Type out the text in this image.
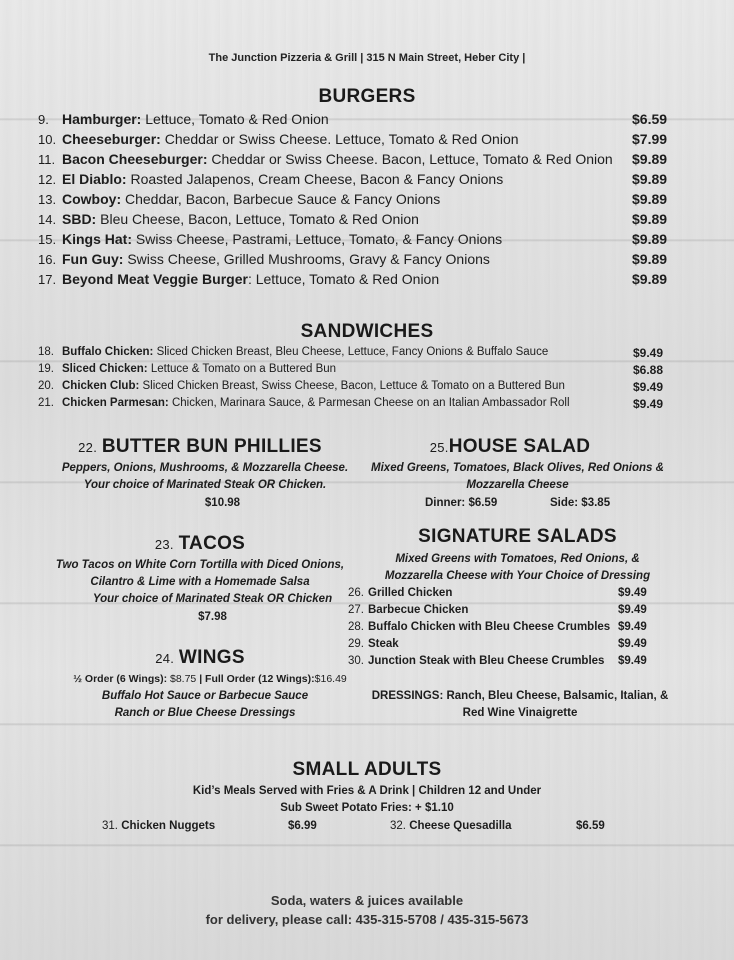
The Junction Pizzeria & Grill | 315 N Main Street, Heber City |
BURGERS
9. Hamburger: Lettuce, Tomato & Red Onion	$6.59
10. Cheeseburger: Cheddar or Swiss Cheese. Lettuce, Tomato & Red Onion	$7.99
11. Bacon Cheeseburger: Cheddar or Swiss Cheese. Bacon, Lettuce, Tomato & Red Onion $9.89
12. El Diablo: Roasted Jalapenos, Cream Cheese, Bacon & Fancy Onions	$9.89
13. Cowboy: Cheddar, Bacon, Barbecue Sauce & Fancy Onions	$9.89
14. SBD: Bleu Cheese, Bacon, Lettuce, Tomato & Red Onion	$9.89
15. Kings Hat: Swiss Cheese, Pastrami, Lettuce, Tomato, & Fancy Onions	$9.89
16. Fun Guy: Swiss Cheese, Grilled Mushrooms, Gravy & Fancy Onions	$9.89
17. Beyond Meat Veggie Burger: Lettuce, Tomato & Red Onion	$9.89
SANDWICHES
18. Buffalo Chicken: Sliced Chicken Breast, Bleu Cheese, Lettuce, Fancy Onions & Buffalo Sauce	$9.49
19. Sliced Chicken: Lettuce & Tomato on a Buttered Bun	$6.88
20. Chicken Club: Sliced Chicken Breast, Swiss Cheese, Bacon, Lettuce & Tomato on a Buttered Bun	$9.49
21. Chicken Parmesan: Chicken, Marinara Sauce, & Parmesan Cheese on an Italian Ambassador Roll	$9.49
22. BUTTER BUN PHILLIES
Peppers, Onions, Mushrooms, & Mozzarella Cheese.
Your choice of Marinated Steak OR Chicken.
$10.98
25.HOUSE SALAD
Mixed Greens, Tomatoes, Black Olives, Red Onions &
Mozzarella Cheese
Dinner: $6.59	Side: $3.85
23. TACOS
Two Tacos on White Corn Tortilla with Diced Onions,
Cilantro & Lime with a Homemade Salsa
Your choice of Marinated Steak OR Chicken
$7.98
SIGNATURE SALADS
Mixed Greens with Tomatoes, Red Onions, &
Mozzarella Cheese with Your Choice of Dressing
26. Grilled Chicken	$9.49
27. Barbecue Chicken	$9.49
28. Buffalo Chicken with Bleu Cheese Crumbles $9.49
29. Steak	$9.49
30. Junction Steak with Bleu Cheese Crumbles $9.49
DRESSINGS: Ranch, Bleu Cheese, Balsamic, Italian, &
Red Wine Vinaigrette
24. WINGS
½ Order (6 Wings): $8.75 | Full Order (12 Wings):$16.49
Buffalo Hot Sauce or Barbecue Sauce
Ranch or Blue Cheese Dressings
SMALL ADULTS
Kid’s Meals Served with Fries & A Drink | Children 12 and Under
Sub Sweet Potato Fries: + $1.10
31. Chicken Nuggets	$6.99	32. Cheese Quesadilla	$6.59
Soda, waters & juices available
for delivery, please call: 435-315-5708 / 435-315-5673
